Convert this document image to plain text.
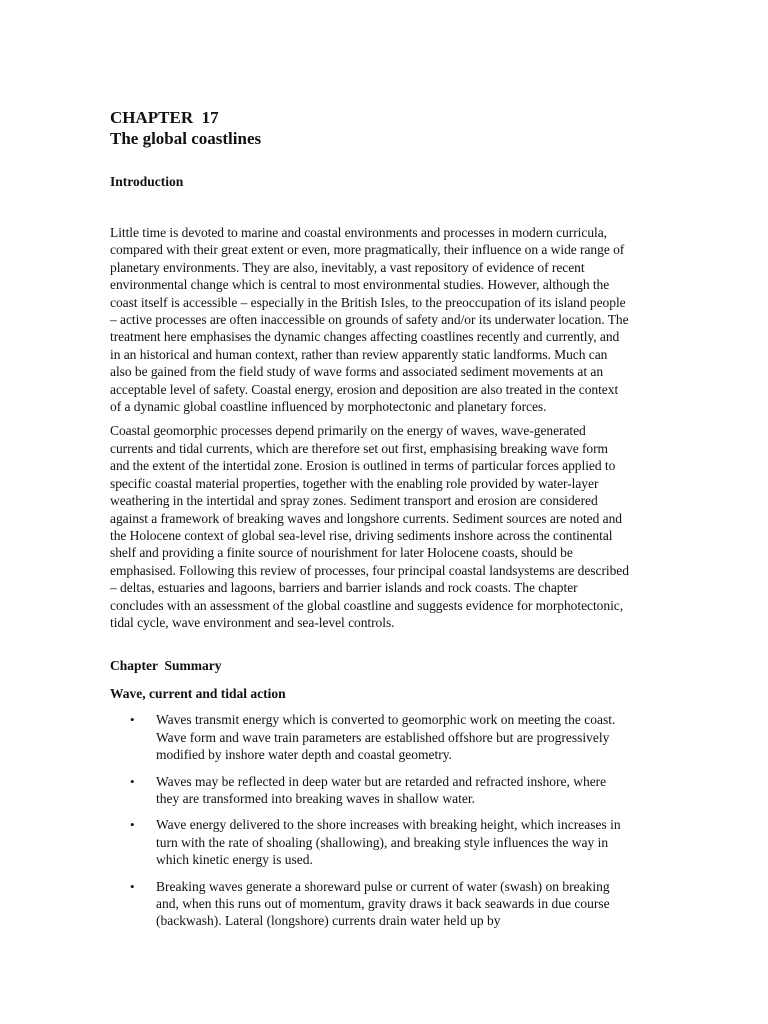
CHAPTER  17
The global coastlines
Introduction

Little time is devoted to marine and coastal environments and processes in modern curricula, compared with their great extent or even, more pragmatically, their influence on a wide range of planetary environments. They are also, inevitably, a vast repository of evidence of recent environmental change which is central to most environmental studies. However, although the coast itself is accessible – especially in the British Isles, to the preoccupation of its island people – active processes are often inaccessible on grounds of safety and/or its underwater location. The treatment here emphasises the dynamic changes affecting coastlines recently and currently, and in an historical and human context, rather than review apparently static landforms. Much can also be gained from the field study of wave forms and associated sediment movements at an acceptable level of safety. Coastal energy, erosion and deposition are also treated in the context of a dynamic global coastline influenced by morphotectonic and planetary forces.

Coastal geomorphic processes depend primarily on the energy of waves, wave-generated currents and tidal currents, which are therefore set out first, emphasising breaking wave form and the extent of the intertidal zone. Erosion is outlined in terms of particular forces applied to specific coastal material properties, together with the enabling role provided by water-layer weathering in the intertidal and spray zones. Sediment transport and erosion are considered against a framework of breaking waves and longshore currents. Sediment sources are noted and the Holocene context of global sea-level rise, driving sediments inshore across the continental shelf and providing a finite source of nourishment for later Holocene coasts, should be emphasised. Following this review of processes, four principal coastal landsystems are described – deltas, estuaries and lagoons, barriers and barrier islands and rock coasts. The chapter concludes with an assessment of the global coastline and suggests evidence for morphotectonic, tidal cycle, wave environment and sea-level controls.

Chapter  Summary
Wave, current and tidal action
• Waves transmit energy which is converted to geomorphic work on meeting the coast. Wave form and wave train parameters are established offshore but are progressively modified by inshore water depth and coastal geometry.
• Waves may be reflected in deep water but are retarded and refracted inshore, where they are transformed into breaking waves in shallow water.
• Wave energy delivered to the shore increases with breaking height, which increases in turn with the rate of shoaling (shallowing), and breaking style influences the way in which kinetic energy is used.
• Breaking waves generate a shoreward pulse or current of water (swash) on breaking and, when this runs out of momentum, gravity draws it back seawards in due course (backwash). Lateral (longshore) currents drain water held up by
